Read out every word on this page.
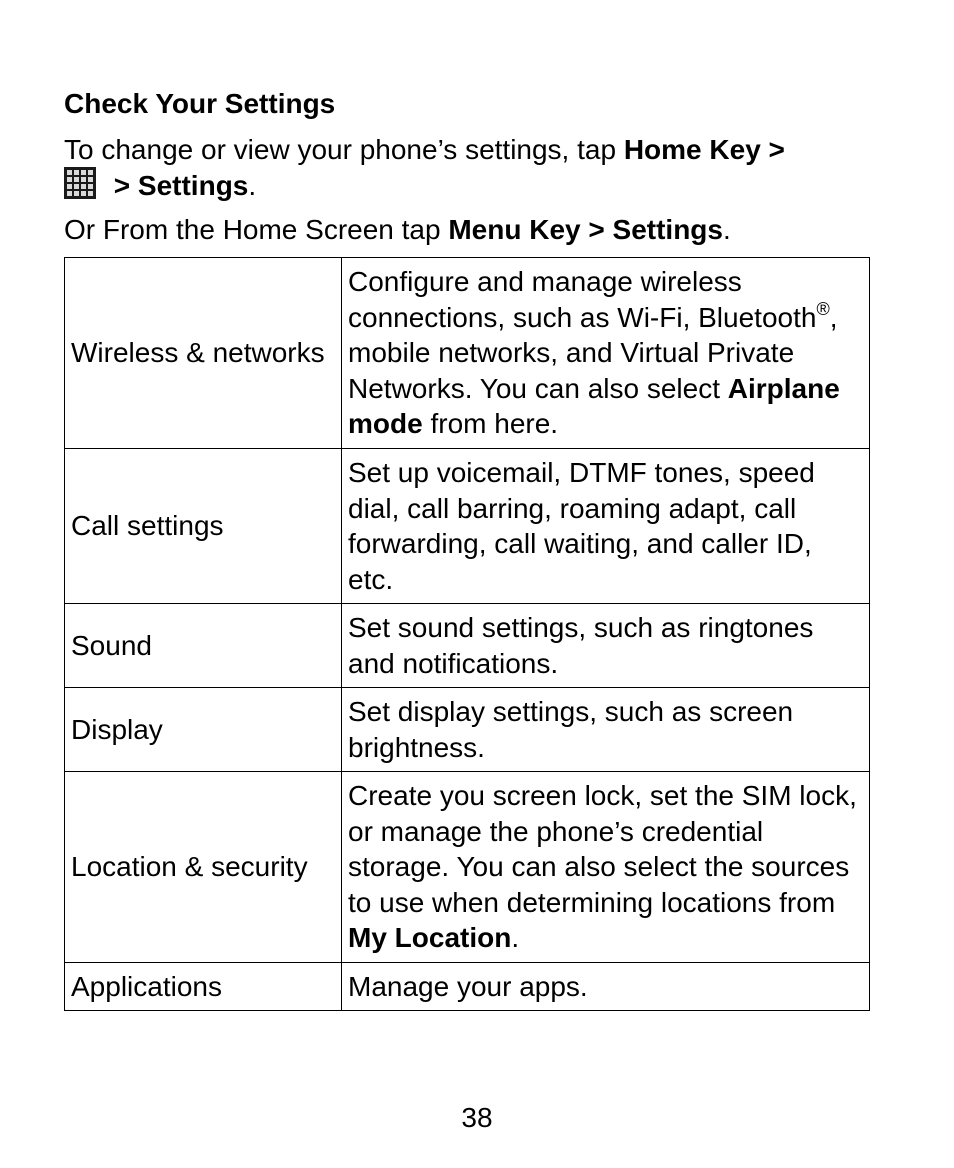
Check Your Settings
To change or view your phone’s settings, tap Home Key >
> Settings.
Or From the Home Screen tap Menu Key > Settings.
Wireless & networks	Configure and manage wireless connections, such as Wi-Fi, Bluetooth®, mobile networks, and Virtual Private Networks. You can also select Airplane mode from here.
Call settings	Set up voicemail, DTMF tones, speed dial, call barring, roaming adapt, call forwarding, call waiting, and caller ID, etc.
Sound	Set sound settings, such as ringtones and notifications.
Display	Set display settings, such as screen brightness.
Location & security	Create you screen lock, set the SIM lock, or manage the phone’s credential storage. You can also select the sources to use when determining locations from My Location.
Applications	Manage your apps.
38
